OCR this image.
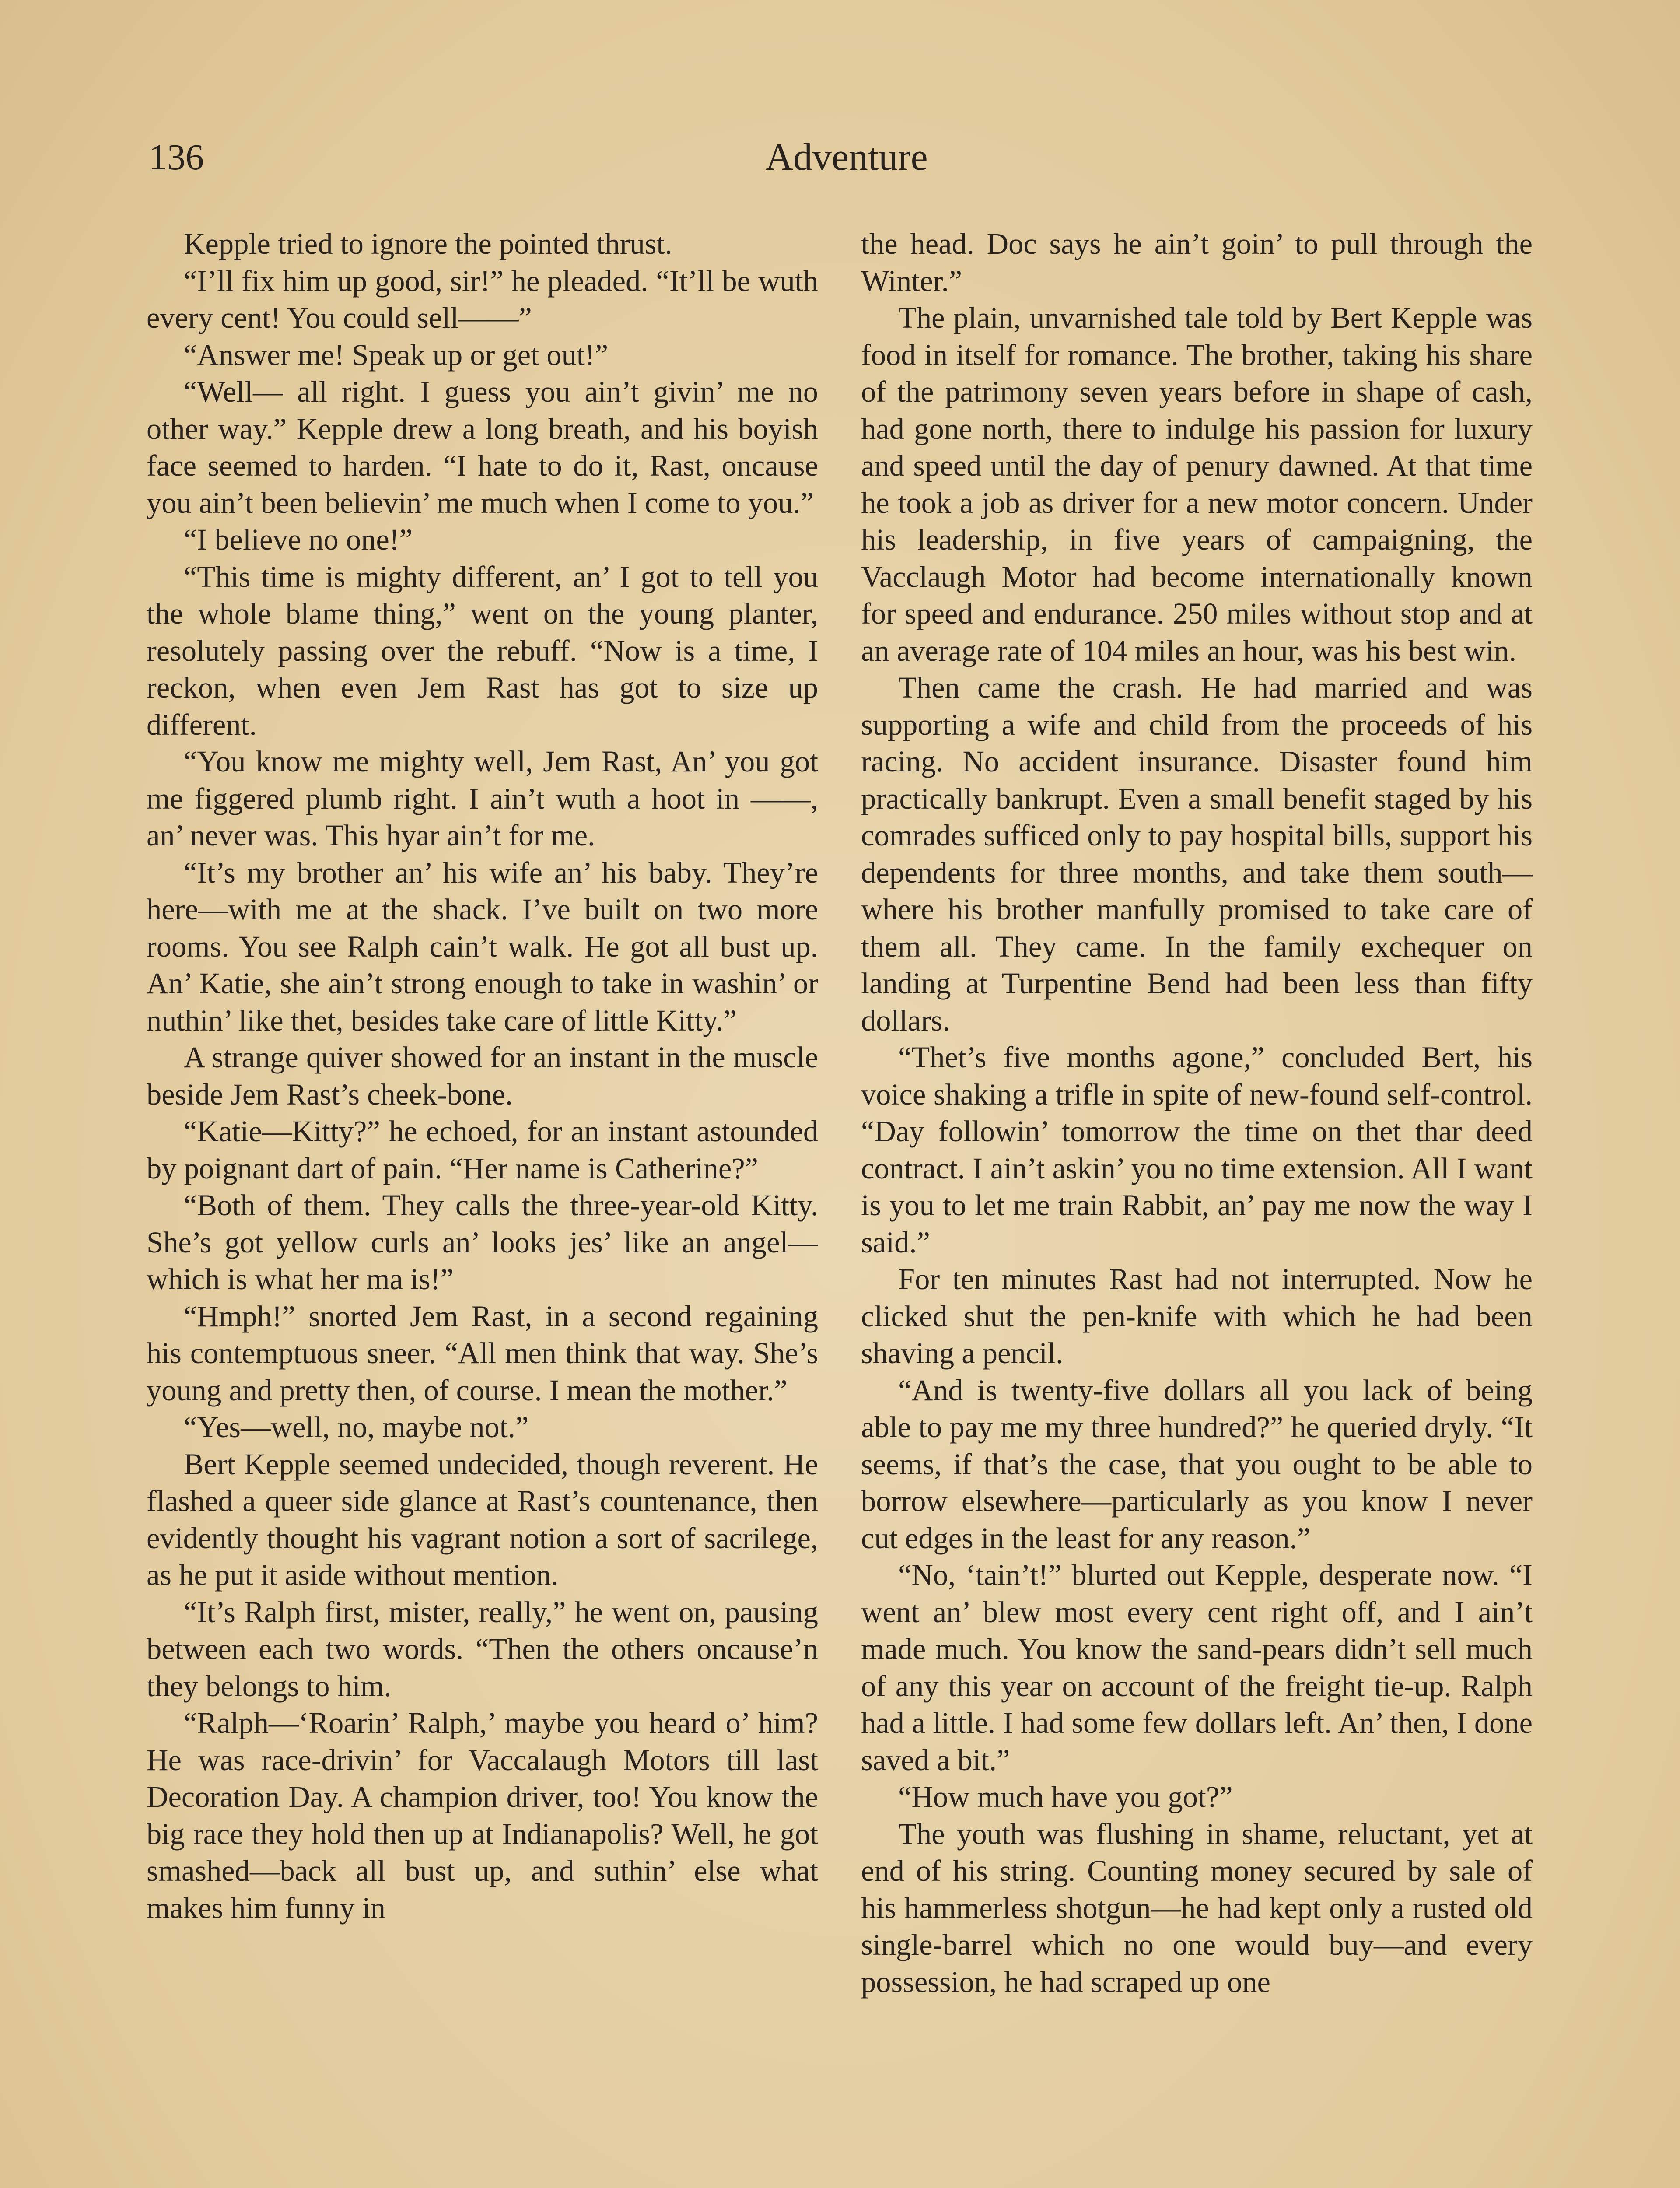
136	Adventure

Kepple tried to ignore the pointed thrust.

“I’ll fix him up good, sir!” he pleaded. “It’ll be wuth every cent! You could sell——”

“Answer me! Speak up or get out!”

“Well— all right. I guess you ain’t givin’ me no other way.” Kepple drew a long breath, and his boyish face seemed to harden. “I hate to do it, Rast, oncause you ain’t been believin’ me much when I come to you.”

“I believe no one!”

“This time is mighty different, an’ I got to tell you the whole blame thing,” went on the young planter, resolutely passing over the rebuff. “Now is a time, I reckon, when even Jem Rast has got to size up different.

“You know me mighty well, Jem Rast, An’ you got me figgered plumb right. I ain’t wuth a hoot in ——, an’ never was. This hyar ain’t for me.

“It’s my brother an’ his wife an’ his baby. They’re here—with me at the shack. I’ve built on two more rooms. You see Ralph cain’t walk. He got all bust up. An’ Katie, she ain’t strong enough to take in washin’ or nuthin’ like thet, besides take care of little Kitty.”

A strange quiver showed for an instant in the muscle beside Jem Rast’s cheek-bone.

“Katie—Kitty?” he echoed, for an instant astounded by poignant dart of pain. “Her name is Catherine?”

“Both of them. They calls the three-year-old Kitty. She’s got yellow curls an’ looks jes’ like an angel—which is what her ma is!”

“Hmph!” snorted Jem Rast, in a second regaining his contemptuous sneer. “All men think that way. She’s young and pretty then, of course. I mean the mother.”

“Yes—well, no, maybe not.”

Bert Kepple seemed undecided, though reverent. He flashed a queer side glance at Rast’s countenance, then evidently thought his vagrant notion a sort of sacrilege, as he put it aside without mention.

“It’s Ralph first, mister, really,” he went on, pausing between each two words. “Then the others oncause’n they belongs to him.

“Ralph—‘Roarin’ Ralph,’ maybe you heard o’ him? He was race-drivin’ for Vaccalaugh Motors till last Decoration Day. A champion driver, too! You know the big race they hold then up at Indianapolis? Well, he got smashed—back all bust up, and suthin’ else what makes him funny in

the head. Doc says he ain’t goin’ to pull through the Winter.”

The plain, unvarnished tale told by Bert Kepple was food in itself for romance. The brother, taking his share of the patrimony seven years before in shape of cash, had gone north, there to indulge his passion for luxury and speed until the day of penury dawned. At that time he took a job as driver for a new motor concern. Under his leadership, in five years of campaigning, the Vacclaugh Motor had become internationally known for speed and endurance. 250 miles without stop and at an average rate of 104 miles an hour, was his best win.

Then came the crash. He had married and was supporting a wife and child from the proceeds of his racing. No accident insurance. Disaster found him practically bankrupt. Even a small benefit staged by his comrades sufficed only to pay hospital bills, support his dependents for three months, and take them south—where his brother manfully promised to take care of them all. They came. In the family exchequer on landing at Turpentine Bend had been less than fifty dollars.

“Thet’s five months agone,” concluded Bert, his voice shaking a trifle in spite of new-found self-control. “Day followin’ tomorrow the time on thet thar deed contract. I ain’t askin’ you no time extension. All I want is you to let me train Rabbit, an’ pay me now the way I said.”

For ten minutes Rast had not interrupted. Now he clicked shut the pen-knife with which he had been shaving a pencil.

“And is twenty-five dollars all you lack of being able to pay me my three hundred?” he queried dryly. “It seems, if that’s the case, that you ought to be able to borrow elsewhere—particularly as you know I never cut edges in the least for any reason.”

“No, ‘tain’t!” blurted out Kepple, desperate now. “I went an’ blew most every cent right off, and I ain’t made much. You know the sand-pears didn’t sell much of any this year on account of the freight tie-up. Ralph had a little. I had some few dollars left. An’ then, I done saved a bit.”

“How much have you got?”

The youth was flushing in shame, reluctant, yet at end of his string. Counting money secured by sale of his hammerless shotgun—he had kept only a rusted old single-barrel which no one would buy—and every possession, he had scraped up one
